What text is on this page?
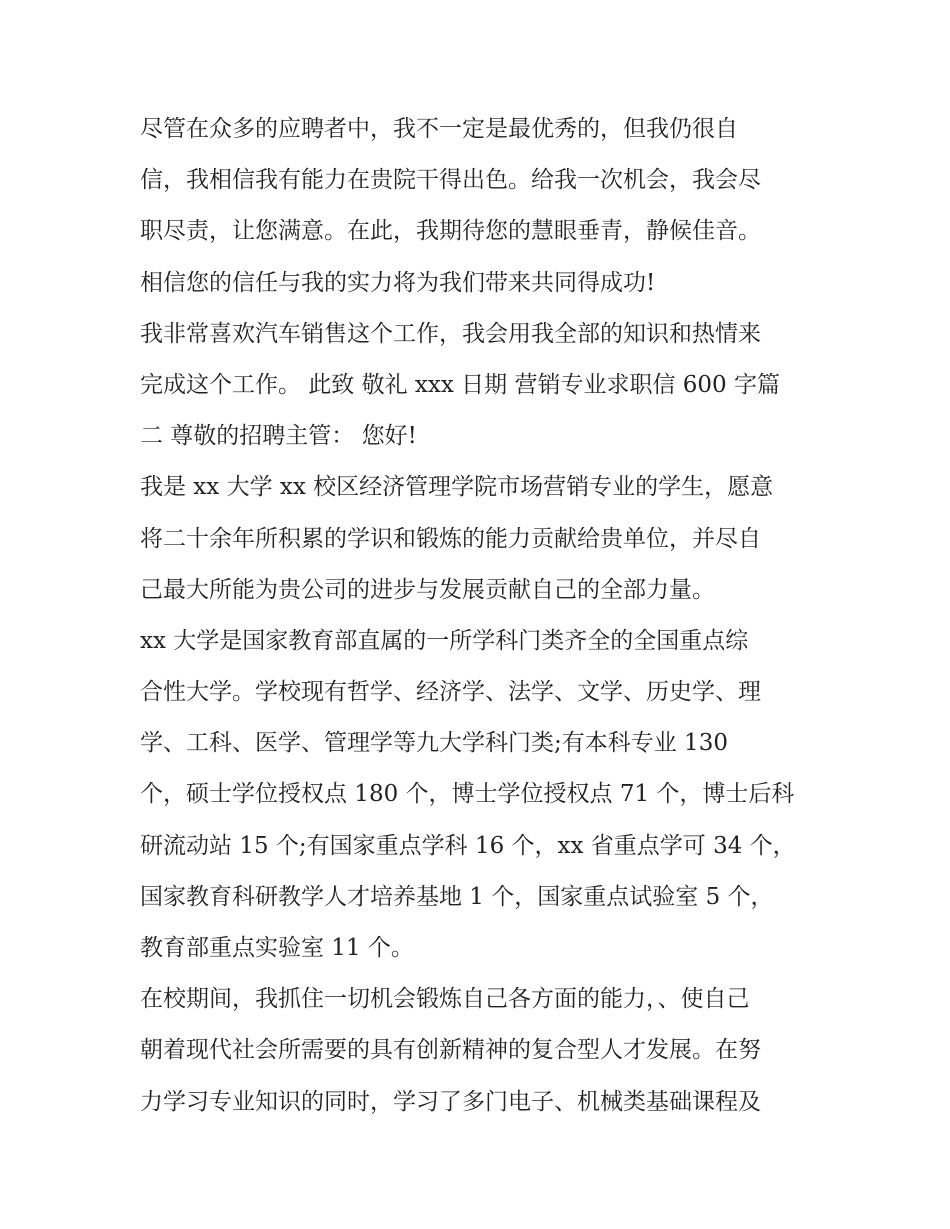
尽管在众多的应聘者中，我不一定是最优秀的，但我仍很自
信，我相信我有能力在贵院干得出色。给我一次机会，我会尽
职尽责，让您满意。在此，我期待您的慧眼垂青，静候佳音。
相信您的信任与我的实力将为我们带来共同得成功!
我非常喜欢汽车销售这个工作，我会用我全部的知识和热情来
完成这个工作。 此致 敬礼 xxx 日期 营销专业求职信 600 字篇
二 尊敬的招聘主管： 您好!
我是 xx 大学 xx 校区经济管理学院市场营销专业的学生，愿意
将二十余年所积累的学识和锻炼的能力贡献给贵单位，并尽自
己最大所能为贵公司的进步与发展贡献自己的全部力量。
xx 大学是国家教育部直属的一所学科门类齐全的全国重点综
合性大学。学校现有哲学、经济学、法学、文学、历史学、理
学、工科、医学、管理学等九大学科门类;有本科专业 130
个，硕士学位授权点 180 个，博士学位授权点 71 个，博士后科
研流动站 15 个;有国家重点学科 16 个，xx 省重点学可 34 个，
国家教育科研教学人才培养基地 1 个，国家重点试验室 5 个，
教育部重点实验室 11 个。
在校期间，我抓住一切机会锻炼自己各方面的能力，、使自己
朝着现代社会所需要的具有创新精神的复合型人才发展。在努
力学习专业知识的同时，学习了多门电子、机械类基础课程及
